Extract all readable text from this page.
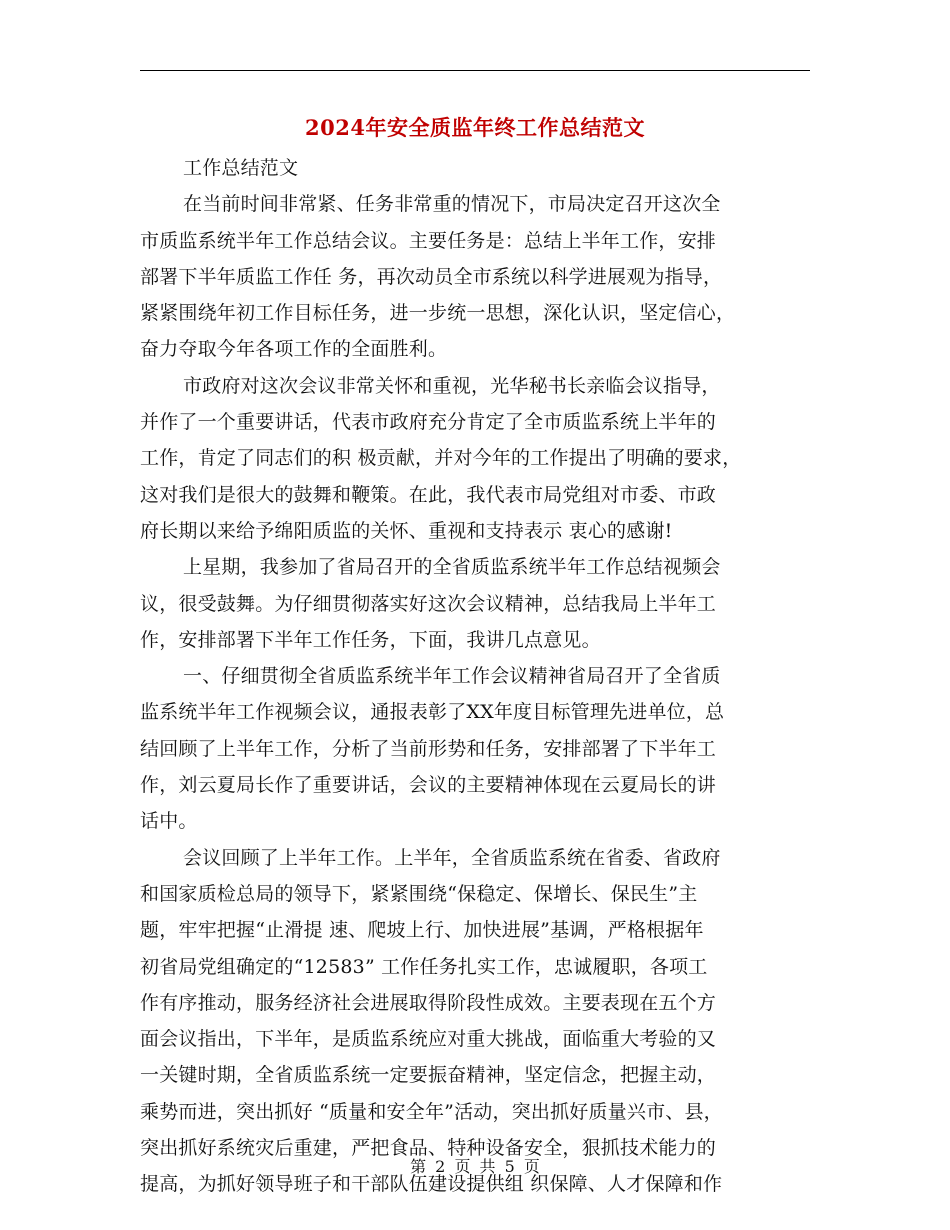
2024年安全质监年终工作总结范文
工作总结范文
在当前时间非常紧、任务非常重的情况下，市局决定召开这次全
市质监系统半年工作总结会议。主要任务是：总结上半年工作，安排
部署下半年质监工作任 务，再次动员全市系统以科学进展观为指导，
紧紧围绕年初工作目标任务，进一步统一思想，深化认识，坚定信心，
奋力夺取今年各项工作的全面胜利。
市政府对这次会议非常关怀和重视，光华秘书长亲临会议指导，
并作了一个重要讲话，代表市政府充分肯定了全市质监系统上半年的
工作，肯定了同志们的积 极贡献，并对今年的工作提出了明确的要求，
这对我们是很大的鼓舞和鞭策。在此，我代表市局党组对市委、市政
府长期以来给予绵阳质监的关怀、重视和支持表示 衷心的感谢!
上星期，我参加了省局召开的全省质监系统半年工作总结视频会
议，很受鼓舞。为仔细贯彻落实好这次会议精神，总结我局上半年工
作，安排部署下半年工作任务，下面，我讲几点意见。
一、仔细贯彻全省质监系统半年工作会议精神省局召开了全省质
监系统半年工作视频会议，通报表彰了XX年度目标管理先进单位，总
结回顾了上半年工作，分析了当前形势和任务，安排部署了下半年工
作，刘云夏局长作了重要讲话，会议的主要精神体现在云夏局长的讲
话中。
会议回顾了上半年工作。上半年，全省质监系统在省委、省政府
和国家质检总局的领导下，紧紧围绕“保稳定、保增长、保民生”主
题，牢牢把握“止滑提 速、爬坡上行、加快进展”基调，严格根据年
初省局党组确定的“12583” 工作任务扎实工作，忠诚履职，各项工
作有序推动，服务经济社会进展取得阶段性成效。主要表现在五个方
面会议指出，下半年，是质监系统应对重大挑战，面临重大考验的又
一关键时期，全省质监系统一定要振奋精神，坚定信念，把握主动，
乘势而进，突出抓好 “质量和安全年”活动，突出抓好质量兴市、县，
突出抓好系统灾后重建，严把食品、特种设备安全，狠抓技术能力的
提高，为抓好领导班子和干部队伍建设提供组 织保障、人才保障和作
第 2 页 共 5 页
